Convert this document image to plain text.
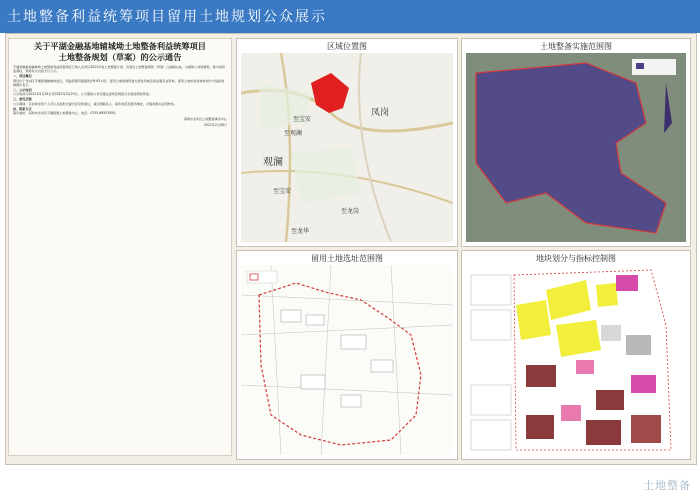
土地整备利益统筹项目留用土地规划公众展示
关于平湖金融基地辅城坳土地整备利益统筹项目
土地整备规划（草案）的公示通告

平湖金融基地辅城坳土地整备利益统筹项目已纳入龙岗区2022年度土地整备计划，该项目土地整备规划（草案）已编制完成。为保障公众知情权、参与权和监督权，现将有关内容予以公示。

一、项目概况

项目位于龙岗区平湖街道辅城坳社区，利益统筹范围面积约9.63公顷，留用土地规划用途为居住用地及商业服务业用地，留用土地布局在地块划分与指标控制图中表示。

二、公示时间

公示时间为2022年2月28日至2022年3月29日，公示期间公众可通过现场及网络方式查阅规划草案。

三、意见反馈

公示期间，任何单位和个人可以书面形式提出意见和建议，请注明联系人、联系电话及通讯地址，并提供相关证明材料。

四、联系方式

联系地址：深圳市龙岗区平湖街道土地整备中心；电话：0755-89552950。

深圳市龙岗区土地整备事务中心

2022年2月28日

区域位置图
至宝安
至观澜
凤岗
观澜
至宝安
至龙岗
至龙华
土地整备实施范围图
留用土地选址范围图	地块划分与指标控制图
土地整备
